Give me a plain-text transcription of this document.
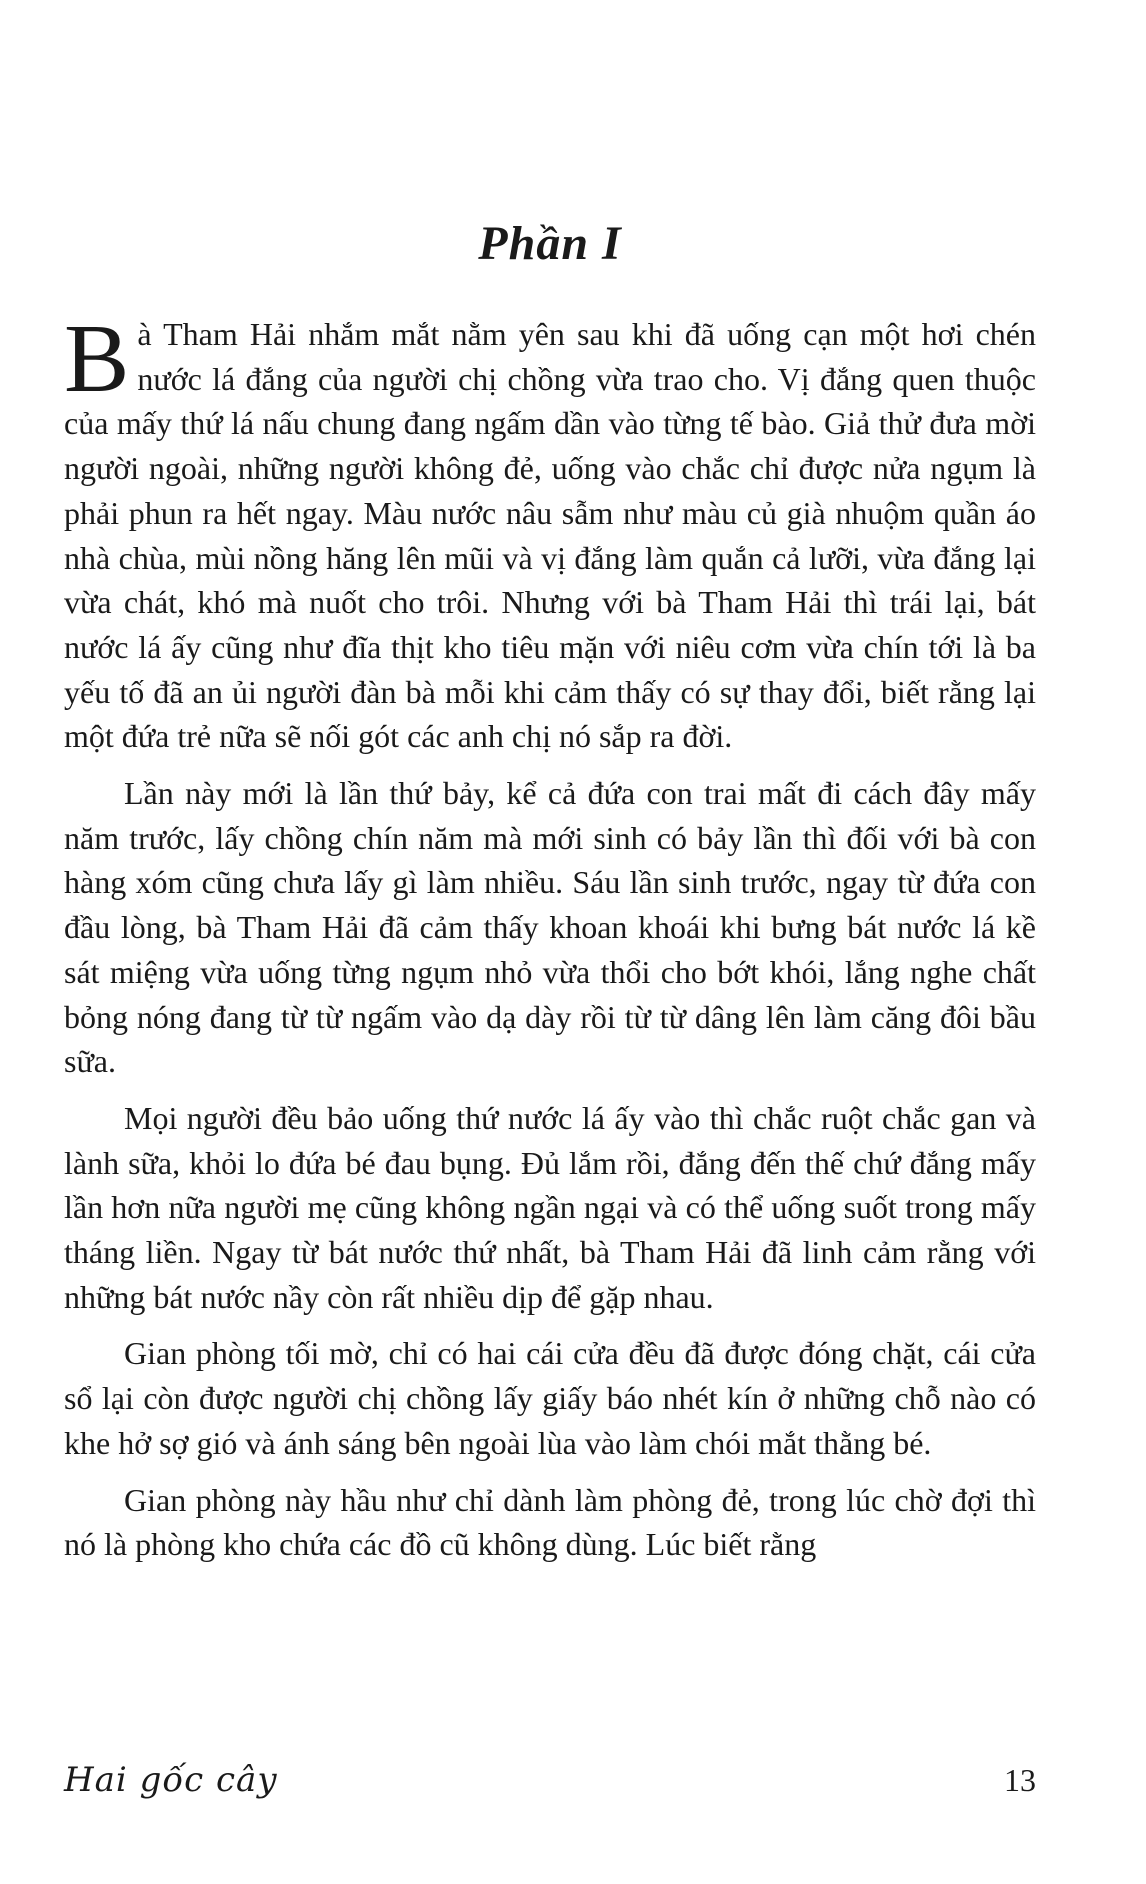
Phần I

Bà Tham Hải nhắm mắt nằm yên sau khi đã uống cạn một hơi chén nước lá đắng của người chị chồng vừa trao cho. Vị đắng quen thuộc của mấy thứ lá nấu chung đang ngấm dần vào từng tế bào. Giả thử đưa mời người ngoài, những người không đẻ, uống vào chắc chỉ được nửa ngụm là phải phun ra hết ngay. Màu nước nâu sẫm như màu củ già nhuộm quần áo nhà chùa, mùi nồng hăng lên mũi và vị đắng làm quắn cả lưỡi, vừa đắng lại vừa chát, khó mà nuốt cho trôi. Nhưng với bà Tham Hải thì trái lại, bát nước lá ấy cũng như đĩa thịt kho tiêu mặn với niêu cơm vừa chín tới là ba yếu tố đã an ủi người đàn bà mỗi khi cảm thấy có sự thay đổi, biết rằng lại một đứa trẻ nữa sẽ nối gót các anh chị nó sắp ra đời.

Lần này mới là lần thứ bảy, kể cả đứa con trai mất đi cách đây mấy năm trước, lấy chồng chín năm mà mới sinh có bảy lần thì đối với bà con hàng xóm cũng chưa lấy gì làm nhiều. Sáu lần sinh trước, ngay từ đứa con đầu lòng, bà Tham Hải đã cảm thấy khoan khoái khi bưng bát nước lá kề sát miệng vừa uống từng ngụm nhỏ vừa thổi cho bớt khói, lắng nghe chất bỏng nóng đang từ từ ngấm vào dạ dày rồi từ từ dâng lên làm căng đôi bầu sữa.

Mọi người đều bảo uống thứ nước lá ấy vào thì chắc ruột chắc gan và lành sữa, khỏi lo đứa bé đau bụng. Đủ lắm rồi, đắng đến thế chứ đắng mấy lần hơn nữa người mẹ cũng không ngần ngại và có thể uống suốt trong mấy tháng liền. Ngay từ bát nước thứ nhất, bà Tham Hải đã linh cảm rằng với những bát nước nầy còn rất nhiều dịp để gặp nhau.

Gian phòng tối mờ, chỉ có hai cái cửa đều đã được đóng chặt, cái cửa sổ lại còn được người chị chồng lấy giấy báo nhét kín ở những chỗ nào có khe hở sợ gió và ánh sáng bên ngoài lùa vào làm chói mắt thằng bé.

Gian phòng này hầu như chỉ dành làm phòng đẻ, trong lúc chờ đợi thì nó là phòng kho chứa các đồ cũ không dùng. Lúc biết rằng

Hai gốc cây	13
